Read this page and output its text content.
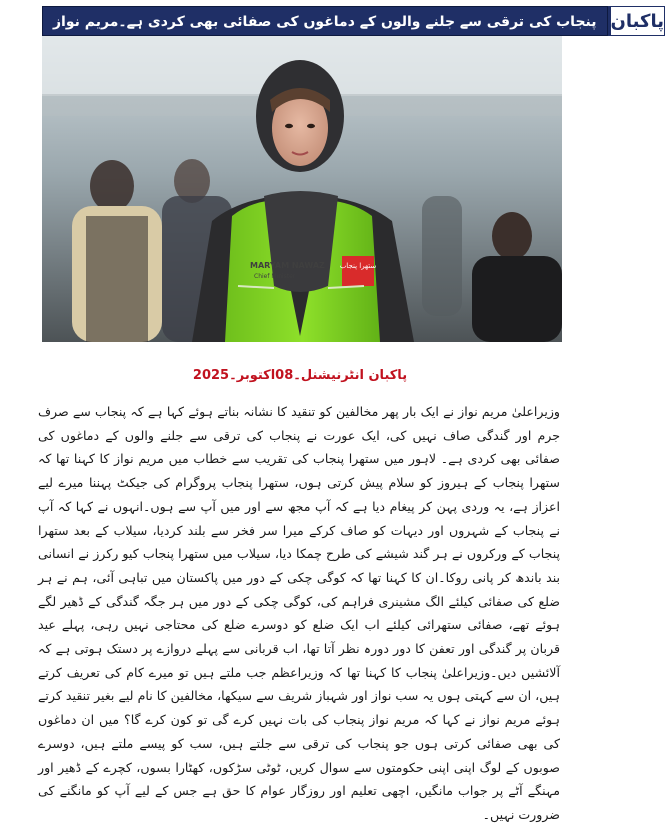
پنجاب کی ترقی سے جلنے والوں کے دماغوں کی صفائی بھی کردی ہے۔مریم نواز پاکبان
ستھرا پنجاب
MARYAM NAWAZ
Chief Minister
پاکبان انٹرنیشنل۔08اکتوبر۔2025
وزیراعلیٰ مریم نواز نے ایک بار پھر مخالفین کو تنقید کا نشانہ بناتے ہوئے کہا ہے کہ پنجاب سے صرف جرم اور گندگی صاف نہیں کی، ایک عورت نے پنجاب کی ترقی سے جلنے والوں کے دماغوں کی صفائی بھی کردی ہے۔ لاہور میں ستھرا پنجاب کی تقریب سے خطاب میں مریم نواز کا کہنا تھا کہ ستھرا پنجاب کے ہیروز کو سلام پیش کرتی ہوں، ستھرا پنجاب پروگرام کی جیکٹ پہننا میرے لیے اعزاز ہے، یہ وردی پہن کر پیغام دیا ہے کہ آپ مجھ سے اور میں آپ سے ہوں۔انہوں نے کہا کہ آپ نے پنجاب کے شہروں اور دیہات کو صاف کرکے میرا سر فخر سے بلند کردیا، سیلاب کے بعد ستھرا پنجاب کے ورکروں نے ہر گند شیشے کی طرح چمکا دیا، سیلاب میں ستھرا پنجاب کیو رکرز نے انسانی بند باندھ کر پانی روکا۔ان کا کہنا تھا کہ کوگی چکی کے دور میں پاکستان میں تباہی آئی، ہم نے ہر ضلع کی صفائی کیلئے الگ مشینری فراہم کی، کوگی چکی کے دور میں ہر جگہ گندگی کے ڈھیر لگے ہوئے تھے، صفائی ستھرائی کیلئے اب ایک ضلع کو دوسرے ضلع کی محتاجی نہیں رہی، پہلے عید قربان پر گندگی اور تعفن کا دور دورہ نظر آتا تھا، اب قربانی سے پہلے دروازے پر دستک ہوتی ہے کہ آلائشیں دیں۔وزیراعلیٰ پنجاب کا کہنا تھا کہ وزیراعظم جب ملتے ہیں تو میرے کام کی تعریف کرتے ہیں، ان سے کہتی ہوں یہ سب نواز اور شہباز شریف سے سیکھا، مخالفین کا نام لیے بغیر تنقید کرتے ہوئے مریم نواز نے کہا کہ مریم نواز پنجاب کی بات نہیں کرے گی تو کون کرے گا؟ میں ان دماغوں کی بھی صفائی کرتی ہوں جو پنجاب کی ترقی سے جلتے ہیں، سب کو پیسے ملتے ہیں، دوسرے صوبوں کے لوگ اپنی اپنی حکومتوں سے سوال کریں، ٹوٹی سڑکوں، کھٹارا بسوں، کچرے کے ڈھیر اور مہنگے آٹے پر جواب مانگیں، اچھی تعلیم اور روزگار عوام کا حق ہے جس کے لیے آپ کو مانگنے کی ضرورت نہیں۔
